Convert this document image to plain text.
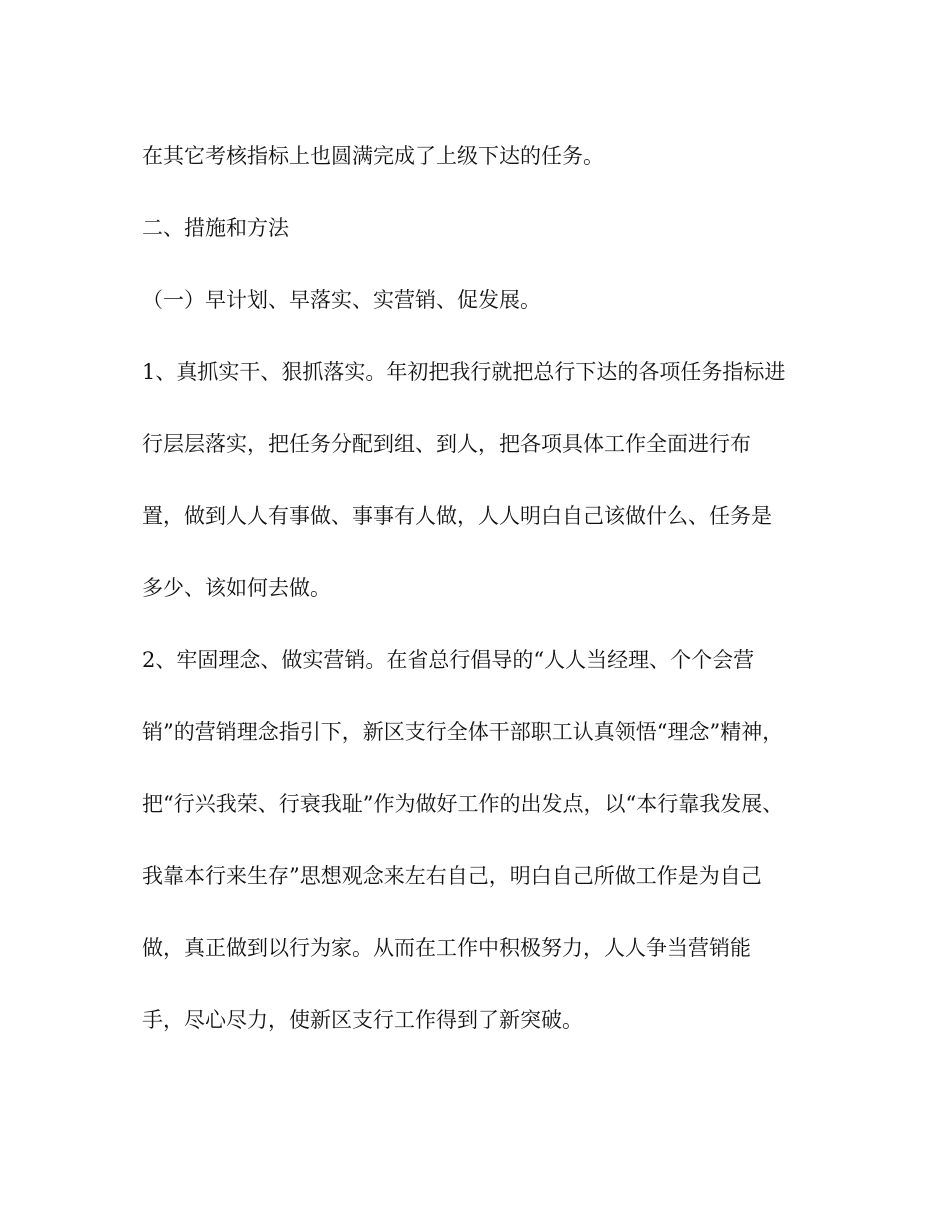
在其它考核指标上也圆满完成了上级下达的任务。
二、措施和方法
（一）早计划、早落实、实营销、促发展。
1、真抓实干、狠抓落实。年初把我行就把总行下达的各项任务指标进
行层层落实，把任务分配到组、到人，把各项具体工作全面进行布
置，做到人人有事做、事事有人做，人人明白自己该做什么、任务是
多少、该如何去做。
2、牢固理念、做实营销。在省总行倡导的“人人当经理、个个会营
销”的营销理念指引下，新区支行全体干部职工认真领悟“理念”精神，
把“行兴我荣、行衰我耻”作为做好工作的出发点，以“本行靠我发展、
我靠本行来生存”思想观念来左右自己，明白自己所做工作是为自己
做，真正做到以行为家。从而在工作中积极努力，人人争当营销能
手，尽心尽力，使新区支行工作得到了新突破。
